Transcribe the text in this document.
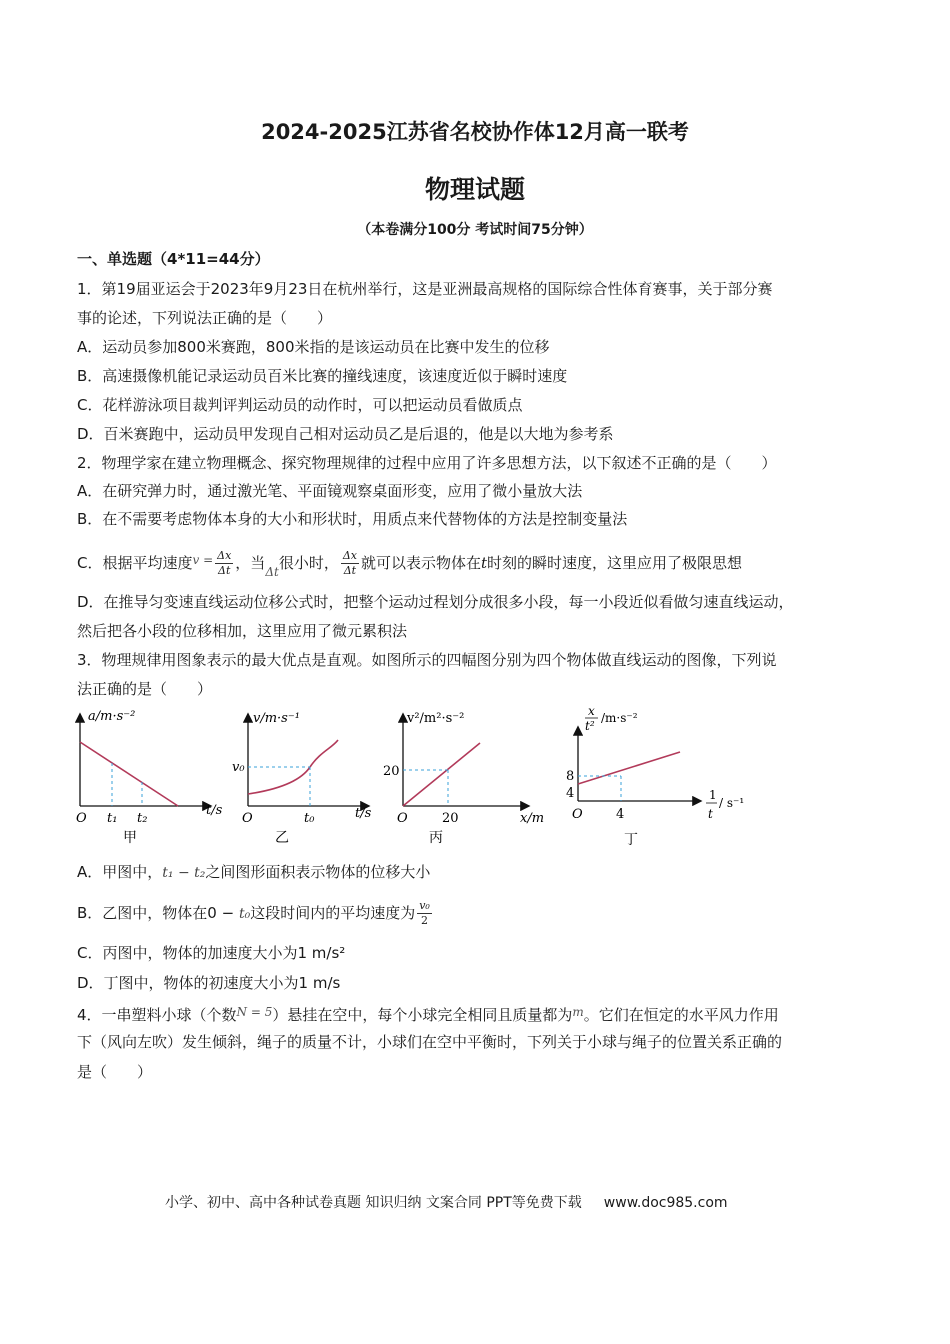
2024-2025江苏省名校协作体12月高一联考
物理试题
（本卷满分100分 考试时间75分钟）
一、单选题（4*11=44分）
1．第19届亚运会于2023年9月23日在杭州举行，这是亚洲最高规格的国际综合性体育赛事，关于部分赛
事的论述，下列说法正确的是（　　）
A．运动员参加800米赛跑，800米指的是该运动员在比赛中发生的位移
B．高速摄像机能记录运动员百米比赛的撞线速度，该速度近似于瞬时速度
C．花样游泳项目裁判评判运动员的动作时，可以把运动员看做质点
D．百米赛跑中，运动员甲发现自己相对运动员乙是后退的，他是以大地为参考系
2．物理学家在建立物理概念、探究物理规律的过程中应用了许多思想方法，以下叙述不正确的是（　　）
A．在研究弹力时，通过激光笔、平面镜观察桌面形变，应用了微小量放大法
B．在不需要考虑物体本身的大小和形状时，用质点来代替物体的方法是控制变量法
C．根据平均速度$^{v =} \frac{\Delta x}{\Delta t}$ ，当$_{\Delta t}$很小时， $\frac{\Delta x}{\Delta t}$ 就可以表示物体在t时刻的瞬时速度，这里应用了极限思想
D．在推导匀变速直线运动位移公式时，把整个运动过程划分成很多小段，每一小段近似看做匀速直线运动，
然后把各小段的位移相加，这里应用了微元累积法
3．物理规律用图象表示的最大优点是直观。如图所示的四幅图分别为四个物体做直线运动的图像，下列说
法正确的是（　　）
a/m·s⁻²
t/s
O t₁ t₂
甲
v/m·s⁻¹
t/s
O
v₀
t₀
乙
v²/m²·s⁻²
x/m
O
20
20
丙
x
t²
/m·s⁻²
1
t
/ s⁻¹
O
8
4
4
丁
A．甲图中，t₁ − t₂之间图形面积表示物体的位移大小
B．乙图中，物体在0 − t₀这段时间内的平均速度为 $\frac{\text{v₀}}{2}$
C．丙图中，物体的加速度大小为1 m/s²
D．丁图中，物体的初速度大小为1 m/s
4．一串塑料小球（个数$^{N = 5}$）悬挂在空中，每个小球完全相同且质量都为$^m$。它们在恒定的水平风力作用
下（风向左吹）发生倾斜，绳子的质量不计，小球们在空中平衡时，下列关于小球与绳子的位置关系正确的
是（　　）
小学、初中、高中各种试卷真题 知识归纳 文案合同 PPT等免费下载 www.doc985.com
